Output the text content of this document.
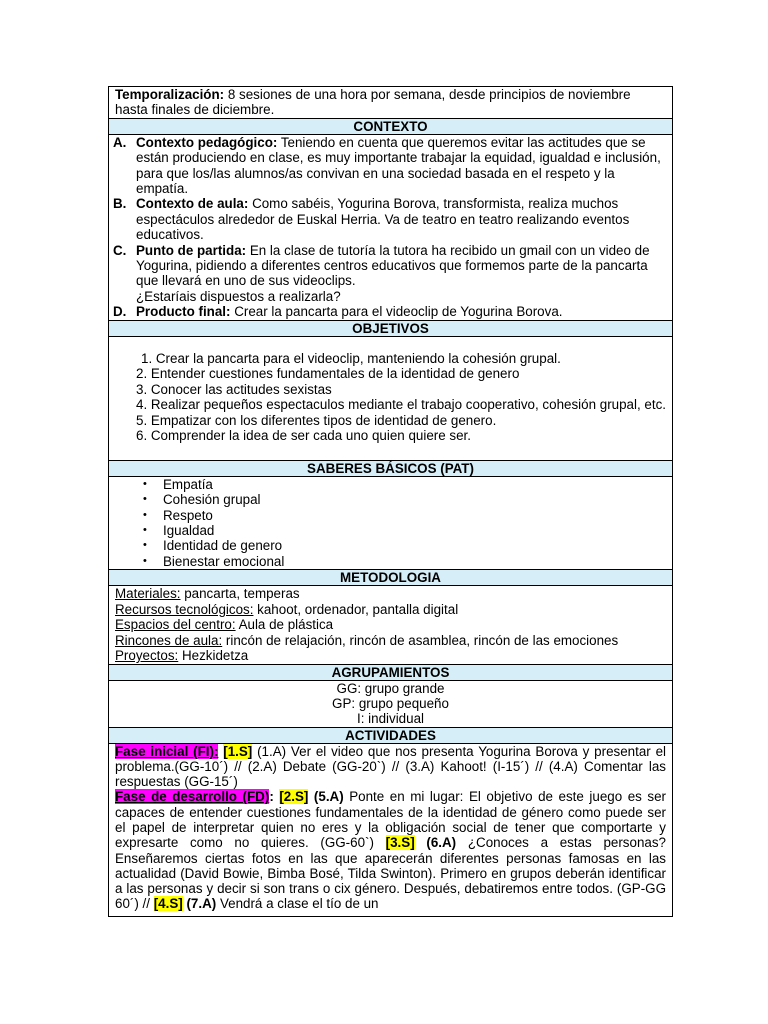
Temporalización: 8 sesiones de una hora por semana, desde principios de noviembre hasta finales de diciembre.
CONTEXTO
A. Contexto pedagógico: Teniendo en cuenta que queremos evitar las actitudes que se están produciendo en clase, es muy importante trabajar la equidad, igualdad e inclusión, para que los/las alumnos/as convivan en una sociedad basada en el respeto y la empatía.
B. Contexto de aula: Como sabéis, Yogurina Borova, transformista, realiza muchos espectáculos alrededor de Euskal Herria. Va de teatro en teatro realizando eventos educativos.
C. Punto de partida: En la clase de tutoría la tutora ha recibido un gmail con un video de Yogurina, pidiendo a diferentes centros educativos que formemos parte de la pancarta que llevará en uno de sus videoclips.
¿Estaríais dispuestos a realizarla?
D. Producto final: Crear la pancarta para el videoclip de Yogurina Borova.
OBJETIVOS
1. Crear la pancarta para el videoclip, manteniendo la cohesión grupal.
2. Entender cuestiones fundamentales de la identidad de genero
3. Conocer las actitudes sexistas
4. Realizar pequeños espectaculos mediante el trabajo cooperativo, cohesión grupal, etc.
5. Empatizar con los diferentes tipos de identidad de genero.
6. Comprender la idea de ser cada uno quien quiere ser.
SABERES BÁSICOS (PAT)
• Empatía
• Cohesión grupal
• Respeto
• Igualdad
• Identidad de genero
• Bienestar emocional
METODOLOGIA
Materiales: pancarta, temperas
Recursos tecnológicos: kahoot, ordenador, pantalla digital
Espacios del centro: Aula de plástica
Rincones de aula: rincón de relajación, rincón de asamblea, rincón de las emociones
Proyectos: Hezkidetza
AGRUPAMIENTOS
GG: grupo grande
GP: grupo pequeño
I: individual
ACTIVIDADES
Fase inicial (FI): [1.S] (1.A) Ver el video que nos presenta Yogurina Borova y presentar el problema.(GG-10´) // (2.A) Debate (GG-20`) // (3.A) Kahoot! (I-15´) // (4.A) Comentar las respuestas (GG-15´)
Fase de desarrollo (FD): [2.S] (5.A) Ponte en mi lugar: El objetivo de este juego es ser capaces de entender cuestiones fundamentales de la identidad de género como puede ser el papel de interpretar quien no eres y la obligación social de tener que comportarte y expresarte como no quieres. (GG-60`) [3.S] (6.A) ¿Conoces a estas personas? Enseñaremos ciertas fotos en las que aparecerán diferentes personas famosas en las actualidad (David Bowie, Bimba Bosé, Tilda Swinton). Primero en grupos deberán identificar a las personas y decir si son trans o cix género. Después, debatiremos entre todos. (GP-GG 60´) // [4.S] (7.A) Vendrá a clase el tío de un
